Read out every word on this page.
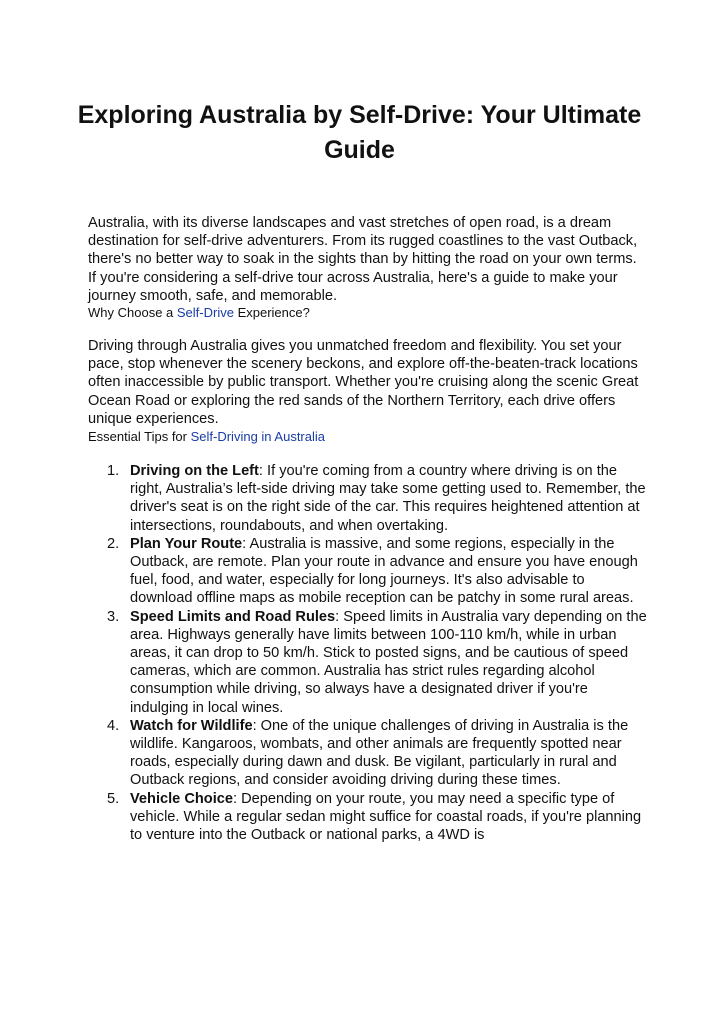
Exploring Australia by Self-Drive: Your Ultimate Guide

Australia, with its diverse landscapes and vast stretches of open road, is a dream destination for self-drive adventurers. From its rugged coastlines to the vast Outback, there's no better way to soak in the sights than by hitting the road on your own terms. If you're considering a self-drive tour across Australia, here's a guide to make your journey smooth, safe, and memorable.

Why Choose a Self-Drive Experience?

Driving through Australia gives you unmatched freedom and flexibility. You set your pace, stop whenever the scenery beckons, and explore off-the-beaten-track locations often inaccessible by public transport. Whether you're cruising along the scenic Great Ocean Road or exploring the red sands of the Northern Territory, each drive offers unique experiences.

Essential Tips for Self-Driving in Australia

1. Driving on the Left: If you're coming from a country where driving is on the right, Australia’s left-side driving may take some getting used to. Remember, the driver's seat is on the right side of the car. This requires heightened attention at intersections, roundabouts, and when overtaking.
2. Plan Your Route: Australia is massive, and some regions, especially in the Outback, are remote. Plan your route in advance and ensure you have enough fuel, food, and water, especially for long journeys. It's also advisable to download offline maps as mobile reception can be patchy in some rural areas.
3. Speed Limits and Road Rules: Speed limits in Australia vary depending on the area. Highways generally have limits between 100-110 km/h, while in urban areas, it can drop to 50 km/h. Stick to posted signs, and be cautious of speed cameras, which are common. Australia has strict rules regarding alcohol consumption while driving, so always have a designated driver if you're indulging in local wines.
4. Watch for Wildlife: One of the unique challenges of driving in Australia is the wildlife. Kangaroos, wombats, and other animals are frequently spotted near roads, especially during dawn and dusk. Be vigilant, particularly in rural and Outback regions, and consider avoiding driving during these times.
5. Vehicle Choice: Depending on your route, you may need a specific type of vehicle. While a regular sedan might suffice for coastal roads, if you're planning to venture into the Outback or national parks, a 4WD is
